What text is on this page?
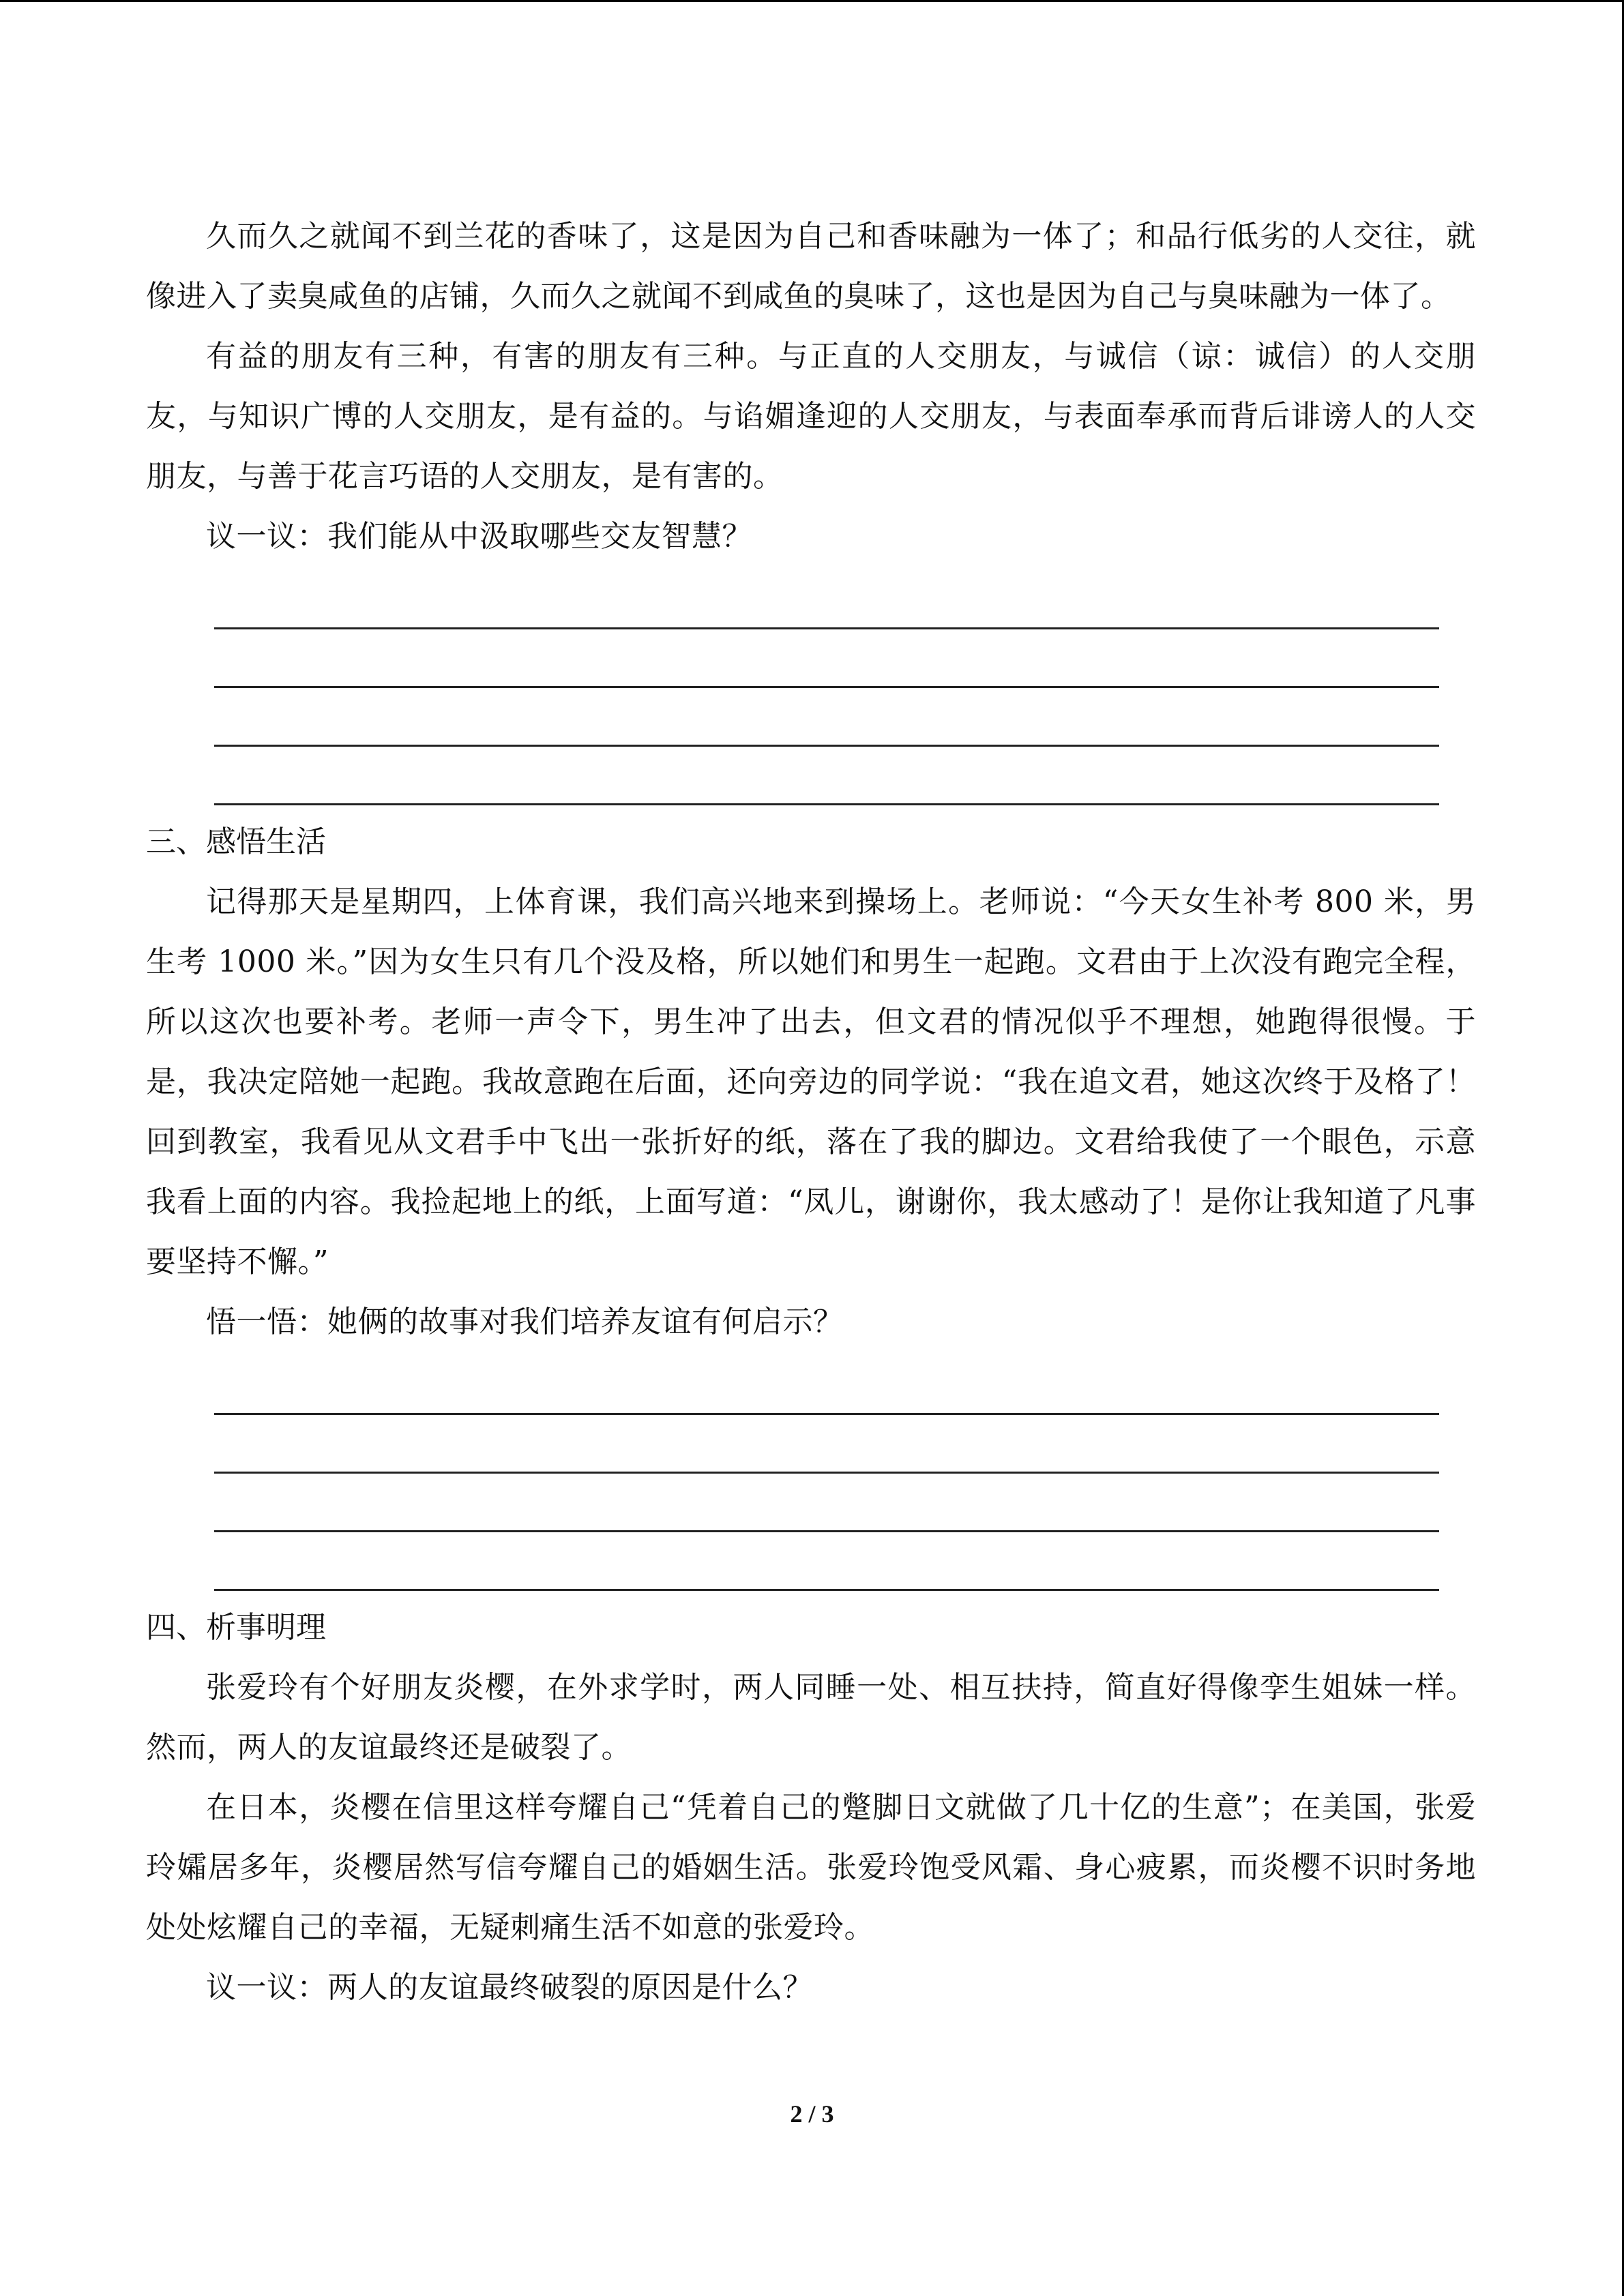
久而久之就闻不到兰花的香味了，这是因为自己和香味融为一体了；和品行低劣的人交往，就像进入了卖臭咸鱼的店铺，久而久之就闻不到咸鱼的臭味了，这也是因为自己与臭味融为一体了。

有益的朋友有三种，有害的朋友有三种。与正直的人交朋友，与诚信（谅：诚信）的人交朋友，与知识广博的人交朋友，是有益的。与谄媚逢迎的人交朋友，与表面奉承而背后诽谤人的人交朋友，与善于花言巧语的人交朋友，是有害的。

议一议：我们能从中汲取哪些交友智慧？

三、感悟生活

记得那天是星期四，上体育课，我们高兴地来到操场上。老师说：“今天女生补考 800 米，男生考 1000 米。”因为女生只有几个没及格，所以她们和男生一起跑。文君由于上次没有跑完全程，所以这次也要补考。老师一声令下，男生冲了出去，但文君的情况似乎不理想，她跑得很慢。于是，我决定陪她一起跑。我故意跑在后面，还向旁边的同学说：“我在追文君，她这次终于及格了！回到教室，我看见从文君手中飞出一张折好的纸，落在了我的脚边。文君给我使了一个眼色，示意我看上面的内容。我捡起地上的纸，上面写道：“凤儿，谢谢你，我太感动了！是你让我知道了凡事要坚持不懈。”

悟一悟：她俩的故事对我们培养友谊有何启示？

四、析事明理

张爱玲有个好朋友炎樱，在外求学时，两人同睡一处、相互扶持，简直好得像孪生姐妹一样。然而，两人的友谊最终还是破裂了。

在日本，炎樱在信里这样夸耀自己“凭着自己的蹩脚日文就做了几十亿的生意”；在美国，张爱玲孀居多年，炎樱居然写信夸耀自己的婚姻生活。张爱玲饱受风霜、身心疲累，而炎樱不识时务地处处炫耀自己的幸福，无疑刺痛生活不如意的张爱玲。

议一议：两人的友谊最终破裂的原因是什么？

2 / 3
